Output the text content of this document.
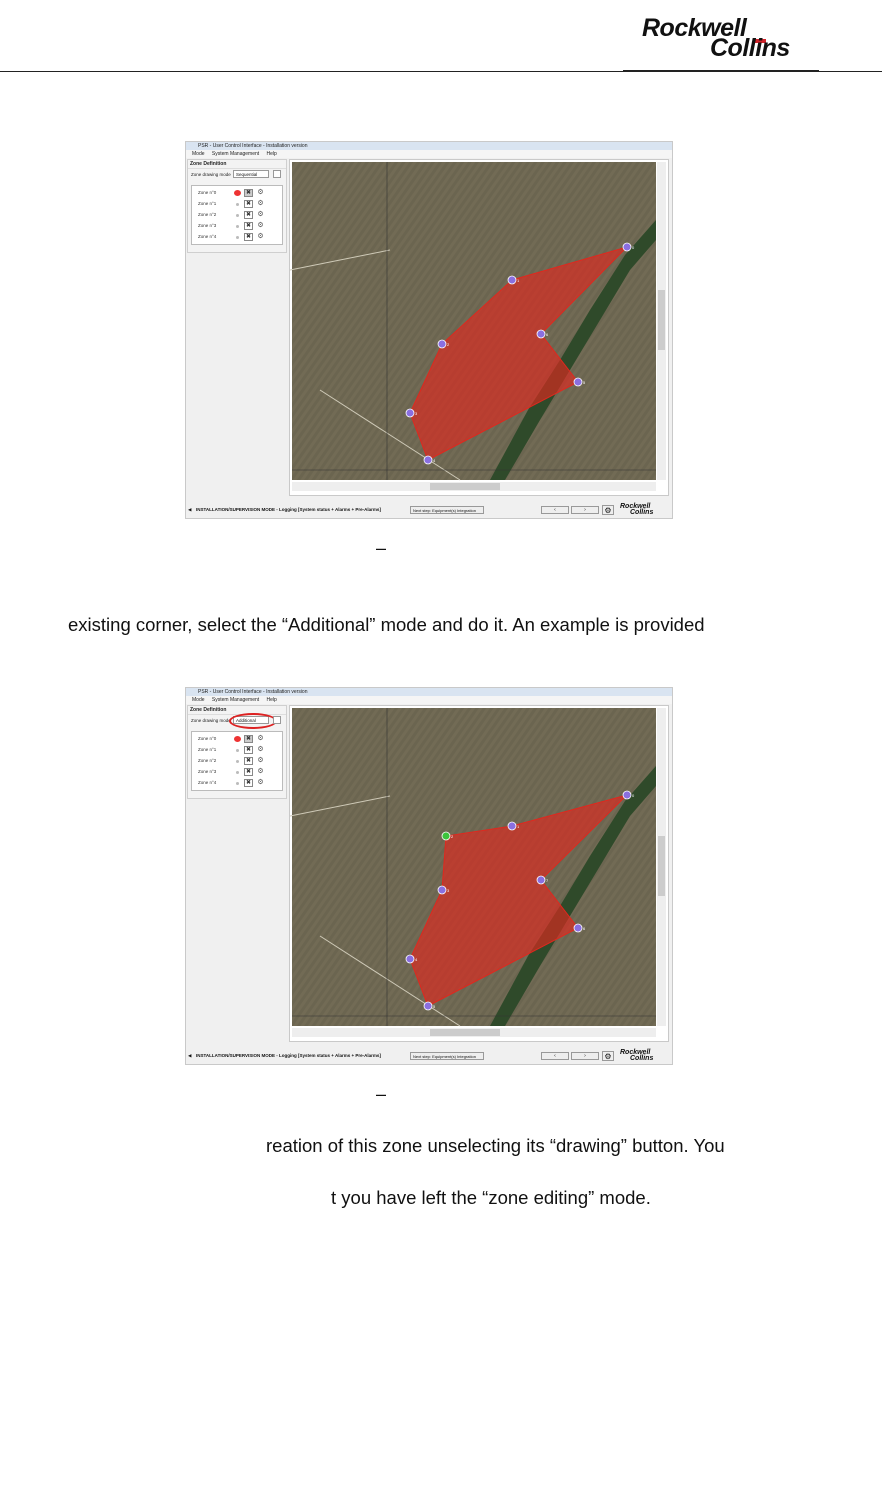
Rockwell
Collins
PSR - User Control Interface - Installation version
Mode System Management Help
Zone Definition
Zone drawing mode	Sequential
Zone n°0	✖ ⚙
Zone n°1	✖ ⚙
Zone n°2	✖ ⚙
Zone n°3	✖ ⚙
Zone n°4	✖ ⚙
0
1
2
3
4
5
6
◀ INSTALLATION/SUPERVISION MODE - Logging [System status + Alarms + Pre-Alarms]	Next step: Equipment(s) Integration	‹	›	⚙	Rockwell
Collins
–
existing corner, select the “Additional” mode and do it. An example is provided
PSR - User Control Interface - Installation version
Mode System Management Help
Zone Definition
Zone drawing mode	Additional
Zone n°0	✖ ⚙
Zone n°1	✖ ⚙
Zone n°2	✖ ⚙
Zone n°3	✖ ⚙
Zone n°4	✖ ⚙
0
1
2
3
4
5
6
7
◀ INSTALLATION/SUPERVISION MODE - Logging [System status + Alarms + Pre-Alarms]	Next step: Equipment(s) Integration	‹	›	⚙	Rockwell
Collins
–
reation of this zone unselecting its “drawing” button. You
t you have left the “zone editing” mode.
